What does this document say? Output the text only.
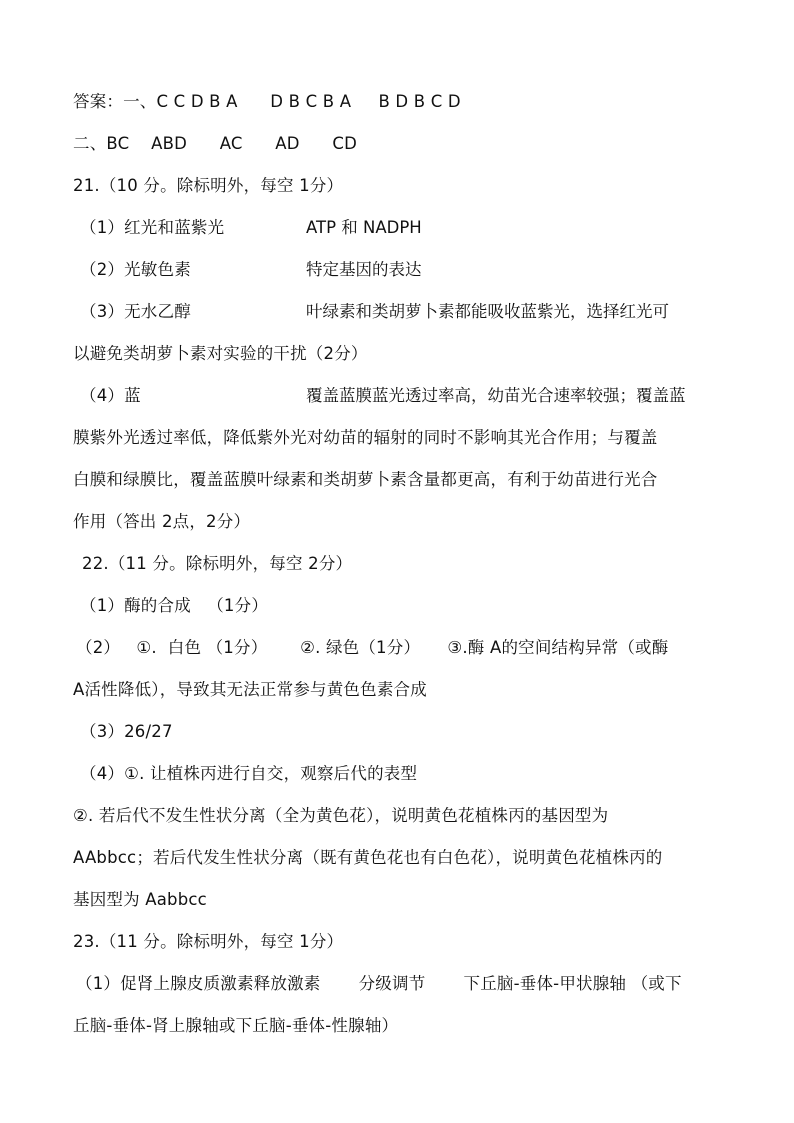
答案：一、C C D B A      D B C B A     B D B C D
二、BC    ABD      AC      AD      CD
21.（10 分。除标明外，每空 1分）
（1）红光和蓝紫光	ATP 和 NADPH
（2）光敏色素	特定基因的表达
（3）无水乙醇	叶绿素和类胡萝卜素都能吸收蓝紫光，选择红光可
以避免类胡萝卜素对实验的干扰（2分）
（4）蓝	覆盖蓝膜蓝光透过率高，幼苗光合速率较强；覆盖蓝
膜紫外光透过率低，降低紫外光对幼苗的辐射的同时不影响其光合作用；与覆盖
白膜和绿膜比，覆盖蓝膜叶绿素和类胡萝卜素含量都更高，有利于幼苗进行光合
作用（答出 2点，2分）
22.（11 分。除标明外，每空 2分）
（1）酶的合成   （1分）
（2）   ①.  白色 （1分）      ②. 绿色（1分）     ③.酶 A的空间结构异常（或酶
A活性降低），导致其无法正常参与黄色色素合成
（3）26/27
（4）①. 让植株丙进行自交，观察后代的表型
②. 若后代不发生性状分离（全为黄色花），说明黄色花植株丙的基因型为
AAbbcc；若后代发生性状分离（既有黄色花也有白色花），说明黄色花植株丙的
基因型为 Aabbcc
23.（11 分。除标明外，每空 1分）
（1）促肾上腺皮质激素释放激素       分级调节       下丘脑-垂体-甲状腺轴 （或下
丘脑-垂体-肾上腺轴或下丘脑-垂体-性腺轴）
